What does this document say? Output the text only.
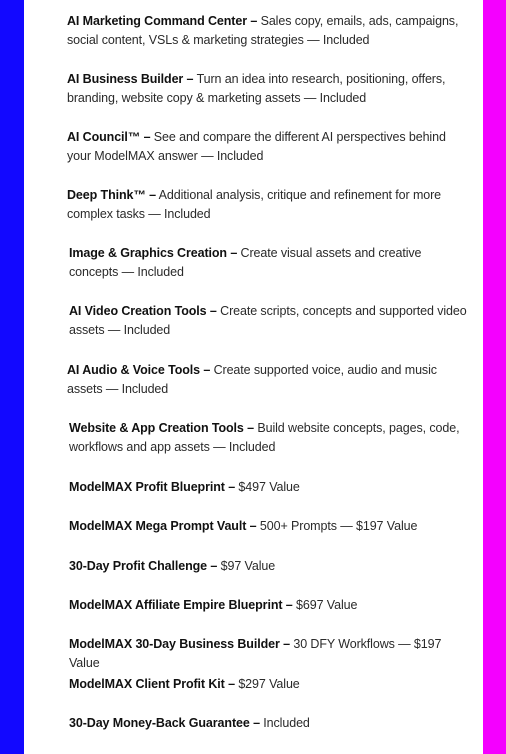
AI Marketing Command Center – Sales copy, emails, ads, campaigns, social content, VSLs & marketing strategies — Included
AI Business Builder – Turn an idea into research, positioning, offers, branding, website copy & marketing assets — Included
AI Council™ – See and compare the different AI perspectives behind your ModelMAX answer — Included
Deep Think™ – Additional analysis, critique and refinement for more complex tasks — Included
Image & Graphics Creation – Create visual assets and creative concepts — Included
AI Video Creation Tools – Create scripts, concepts and supported video assets — Included
AI Audio & Voice Tools – Create supported voice, audio and music assets — Included
Website & App Creation Tools – Build website concepts, pages, code, workflows and app assets — Included
ModelMAX Profit Blueprint – $497 Value
ModelMAX Mega Prompt Vault – 500+ Prompts — $197 Value
30-Day Profit Challenge – $97 Value
ModelMAX Affiliate Empire Blueprint – $697 Value
ModelMAX 30-Day Business Builder – 30 DFY Workflows — $197 Value
ModelMAX Client Profit Kit – $297 Value
30-Day Money-Back Guarantee – Included
